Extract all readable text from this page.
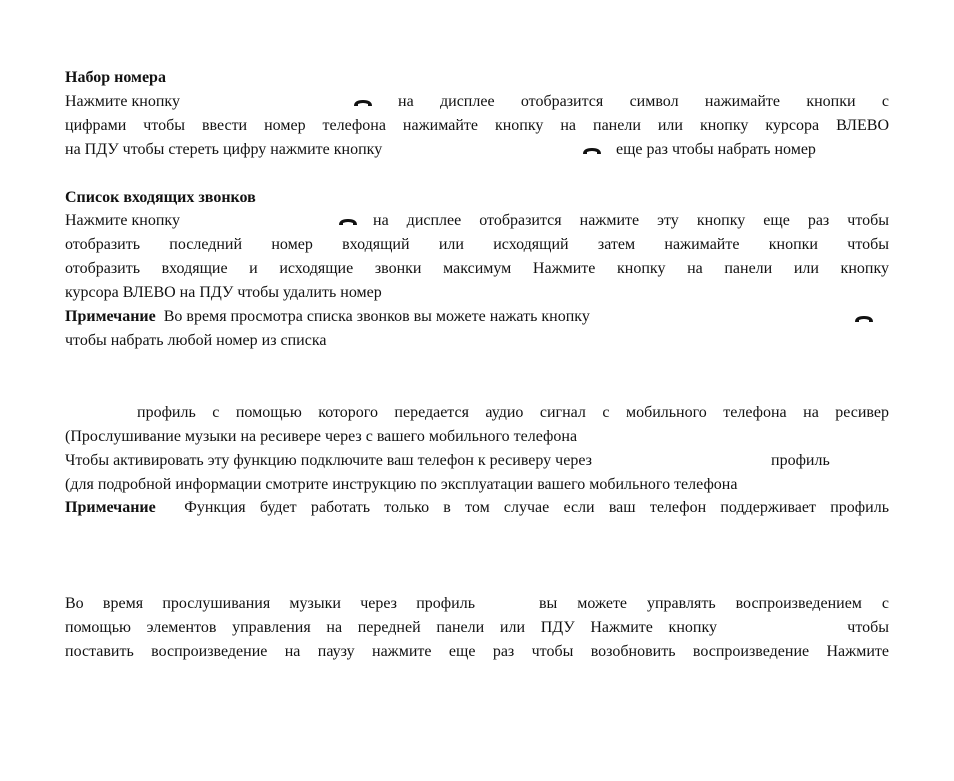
Набор номера
Нажмите кнопку	на дисплее отобразится символ нажимайте кнопки с
цифрами чтобы ввести номер телефона нажимайте кнопку на панели или кнопку курсора ВЛЕВО
на ПДУ чтобы стереть цифру нажмите кнопку	еще раз чтобы набрать номер
Список входящих звонков
Нажмите кнопку	на дисплее отобразится нажмите эту кнопку еще раз чтобы
отобразить последний номер входящий или исходящий затем нажимайте кнопки чтобы
отобразить входящие и исходящие звонки максимум Нажмите кнопку на панели или кнопку
курсора ВЛЕВО на ПДУ чтобы удалить номер
Примечание Во время просмотра списка звонков вы можете нажать кнопку
чтобы набрать любой номер из списка
профиль с помощью которого передается аудио сигнал с мобильного телефона на ресивер
(Прослушивание музыки на ресивере через с вашего мобильного телефона
Чтобы активировать эту функцию подключите ваш телефон к ресиверу через	профиль
(для подробной информации смотрите инструкцию по эксплуатации вашего мобильного телефона
Примечание Функция будет работать только в том случае если ваш телефон поддерживает профиль
Во время прослушивания музыки через профиль	вы можете управлять воспроизведением с
помощью элементов управления на передней панели или ПДУ Нажмите кнопку	чтобы
поставить воспроизведение на паузу нажмите еще раз чтобы возобновить воспроизведение Нажмите
